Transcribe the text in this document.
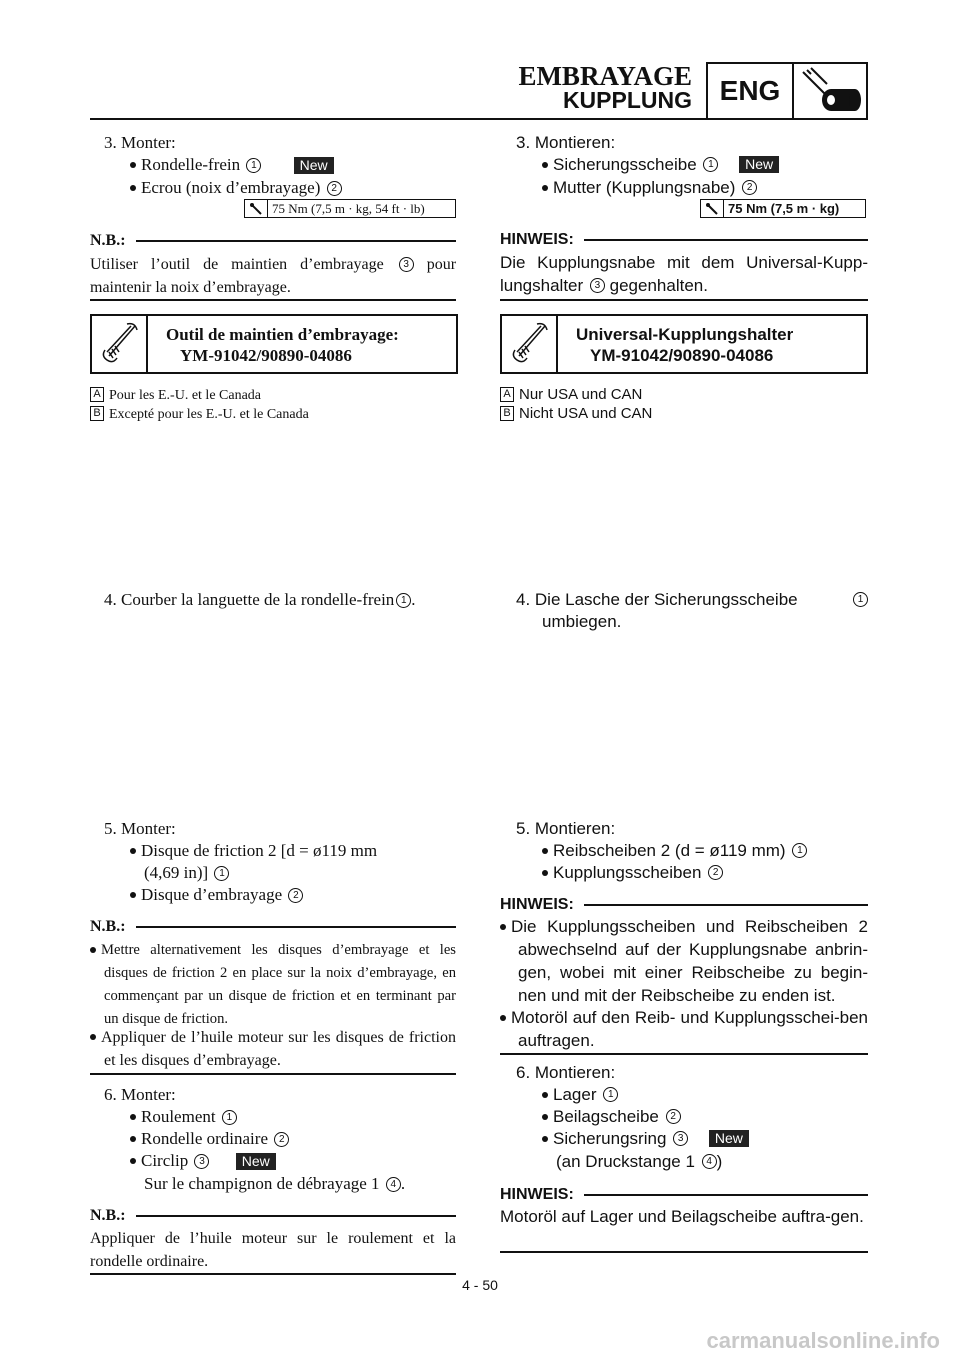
EMBRAYAGE
KUPPLUNG ENG
3. Monter:
Rondelle-frein 1	New
Ecrou (noix d’embrayage) 2
75 Nm (7,5 m · kg, 54 ft · lb)
N.B.:
Utiliser l’outil de maintien d’embrayage 3 pour maintenir la noix d’embrayage.
Outil de maintien d’embrayage:
YM-91042/90890-04086
A Pour les E.-U. et le Canada
B Excepté pour les E.-U. et le Canada
4. Courber la languette de la rondelle-frein 1 .
5. Monter:
Disque de friction 2 [d = ø119 mm
(4,69 in)] 1
Disque d’embrayage 2
N.B.:
Mettre alternativement les disques d’embrayage et les disques de friction 2 en place sur la noix d’embrayage, en commençant par un disque de friction et en terminant par un disque de friction.
Appliquer de l’huile moteur sur les disques de friction et les disques d’embrayage.
6. Monter:
Roulement 1
Rondelle ordinaire 2
Circlip 3	New
Sur le champignon de débrayage 1 4 .
N.B.:
Appliquer de l’huile moteur sur le roulement et la rondelle ordinaire.
3. Montieren:
Sicherungsscheibe 1 New
Mutter (Kupplungsnabe) 2
75 Nm (7,5 m · kg)
HINWEIS:
Die Kupplungsnabe mit dem Universal-Kupp-lungshalter 3 gegenhalten.
Universal-Kupplungshalter
YM-91042/90890-04086
A Nur USA und CAN
B Nicht USA und CAN
4. Die Lasche der Sicherungsscheibe	1
umbiegen.
5. Montieren:
Reibscheiben 2 (d = ø119 mm) 1
Kupplungsscheiben 2
HINWEIS:
Die Kupplungsscheiben und Reibscheiben 2 abwechselnd auf der Kupplungsnabe anbrin-gen, wobei mit einer Reibscheibe zu begin-nen und mit der Reibscheibe zu enden ist.
Motoröl auf den Reib- und Kupplungsschei-ben auftragen.
6. Montieren:
Lager 1
Beilagscheibe 2
Sicherungsring 3 New
(an Druckstange 1 4 )
HINWEIS:
Motoröl auf Lager und Beilagscheibe auftra-gen.
4 - 50
carmanualsonline.info
